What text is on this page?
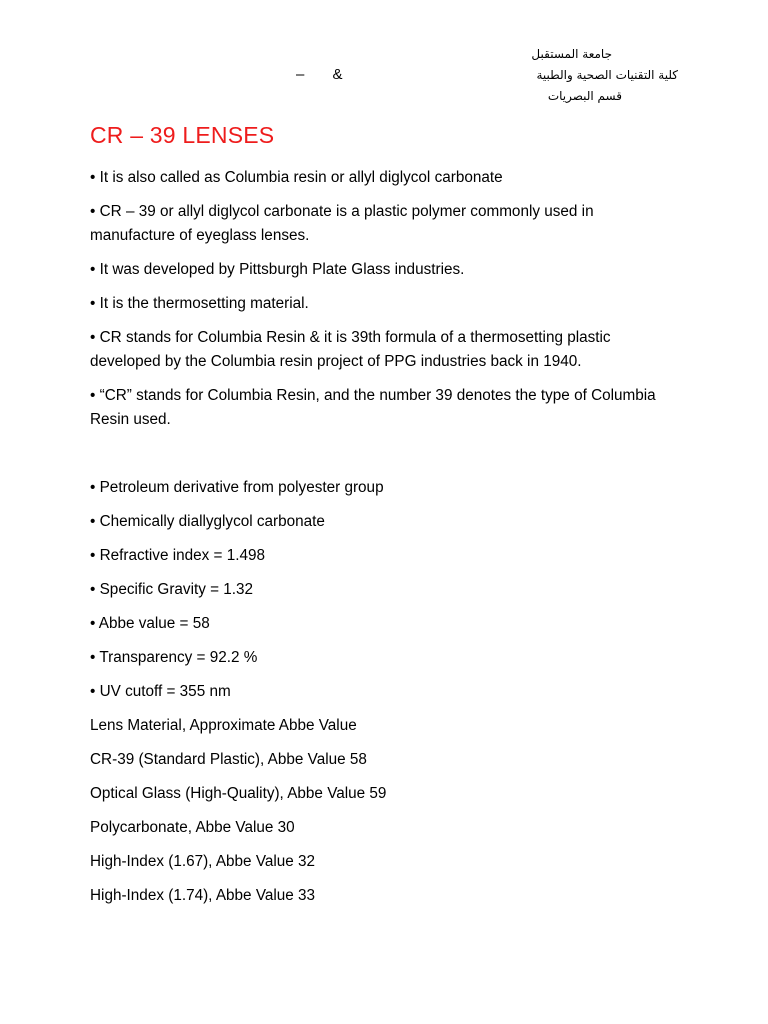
جامعة المستقبل
كلية التقنيات الصحية والطبية
قسم البصريات
– &
CR – 39 LENSES

• It is also called as Columbia resin or allyl diglycol carbonate

• CR – 39 or allyl diglycol carbonate is a plastic polymer commonly used in manufacture of eyeglass lenses.

• It was developed by Pittsburgh Plate Glass industries.

• It is the thermosetting material.

• CR stands for Columbia Resin & it is 39th formula of a thermosetting plastic developed by the Columbia resin project of PPG industries back in 1940.

• “CR” stands for Columbia Resin, and the number 39 denotes the type of Columbia Resin used.

• Petroleum derivative from polyester group

• Chemically diallyglycol carbonate

• Refractive index = 1.498

• Specific Gravity = 1.32

• Abbe value = 58

• Transparency = 92.2 %

• UV cutoff = 355 nm

Lens Material, Approximate Abbe Value

CR-39 (Standard Plastic), Abbe Value 58

Optical Glass (High-Quality), Abbe Value 59

Polycarbonate, Abbe Value 30

High-Index (1.67), Abbe Value 32

High-Index (1.74), Abbe Value 33
